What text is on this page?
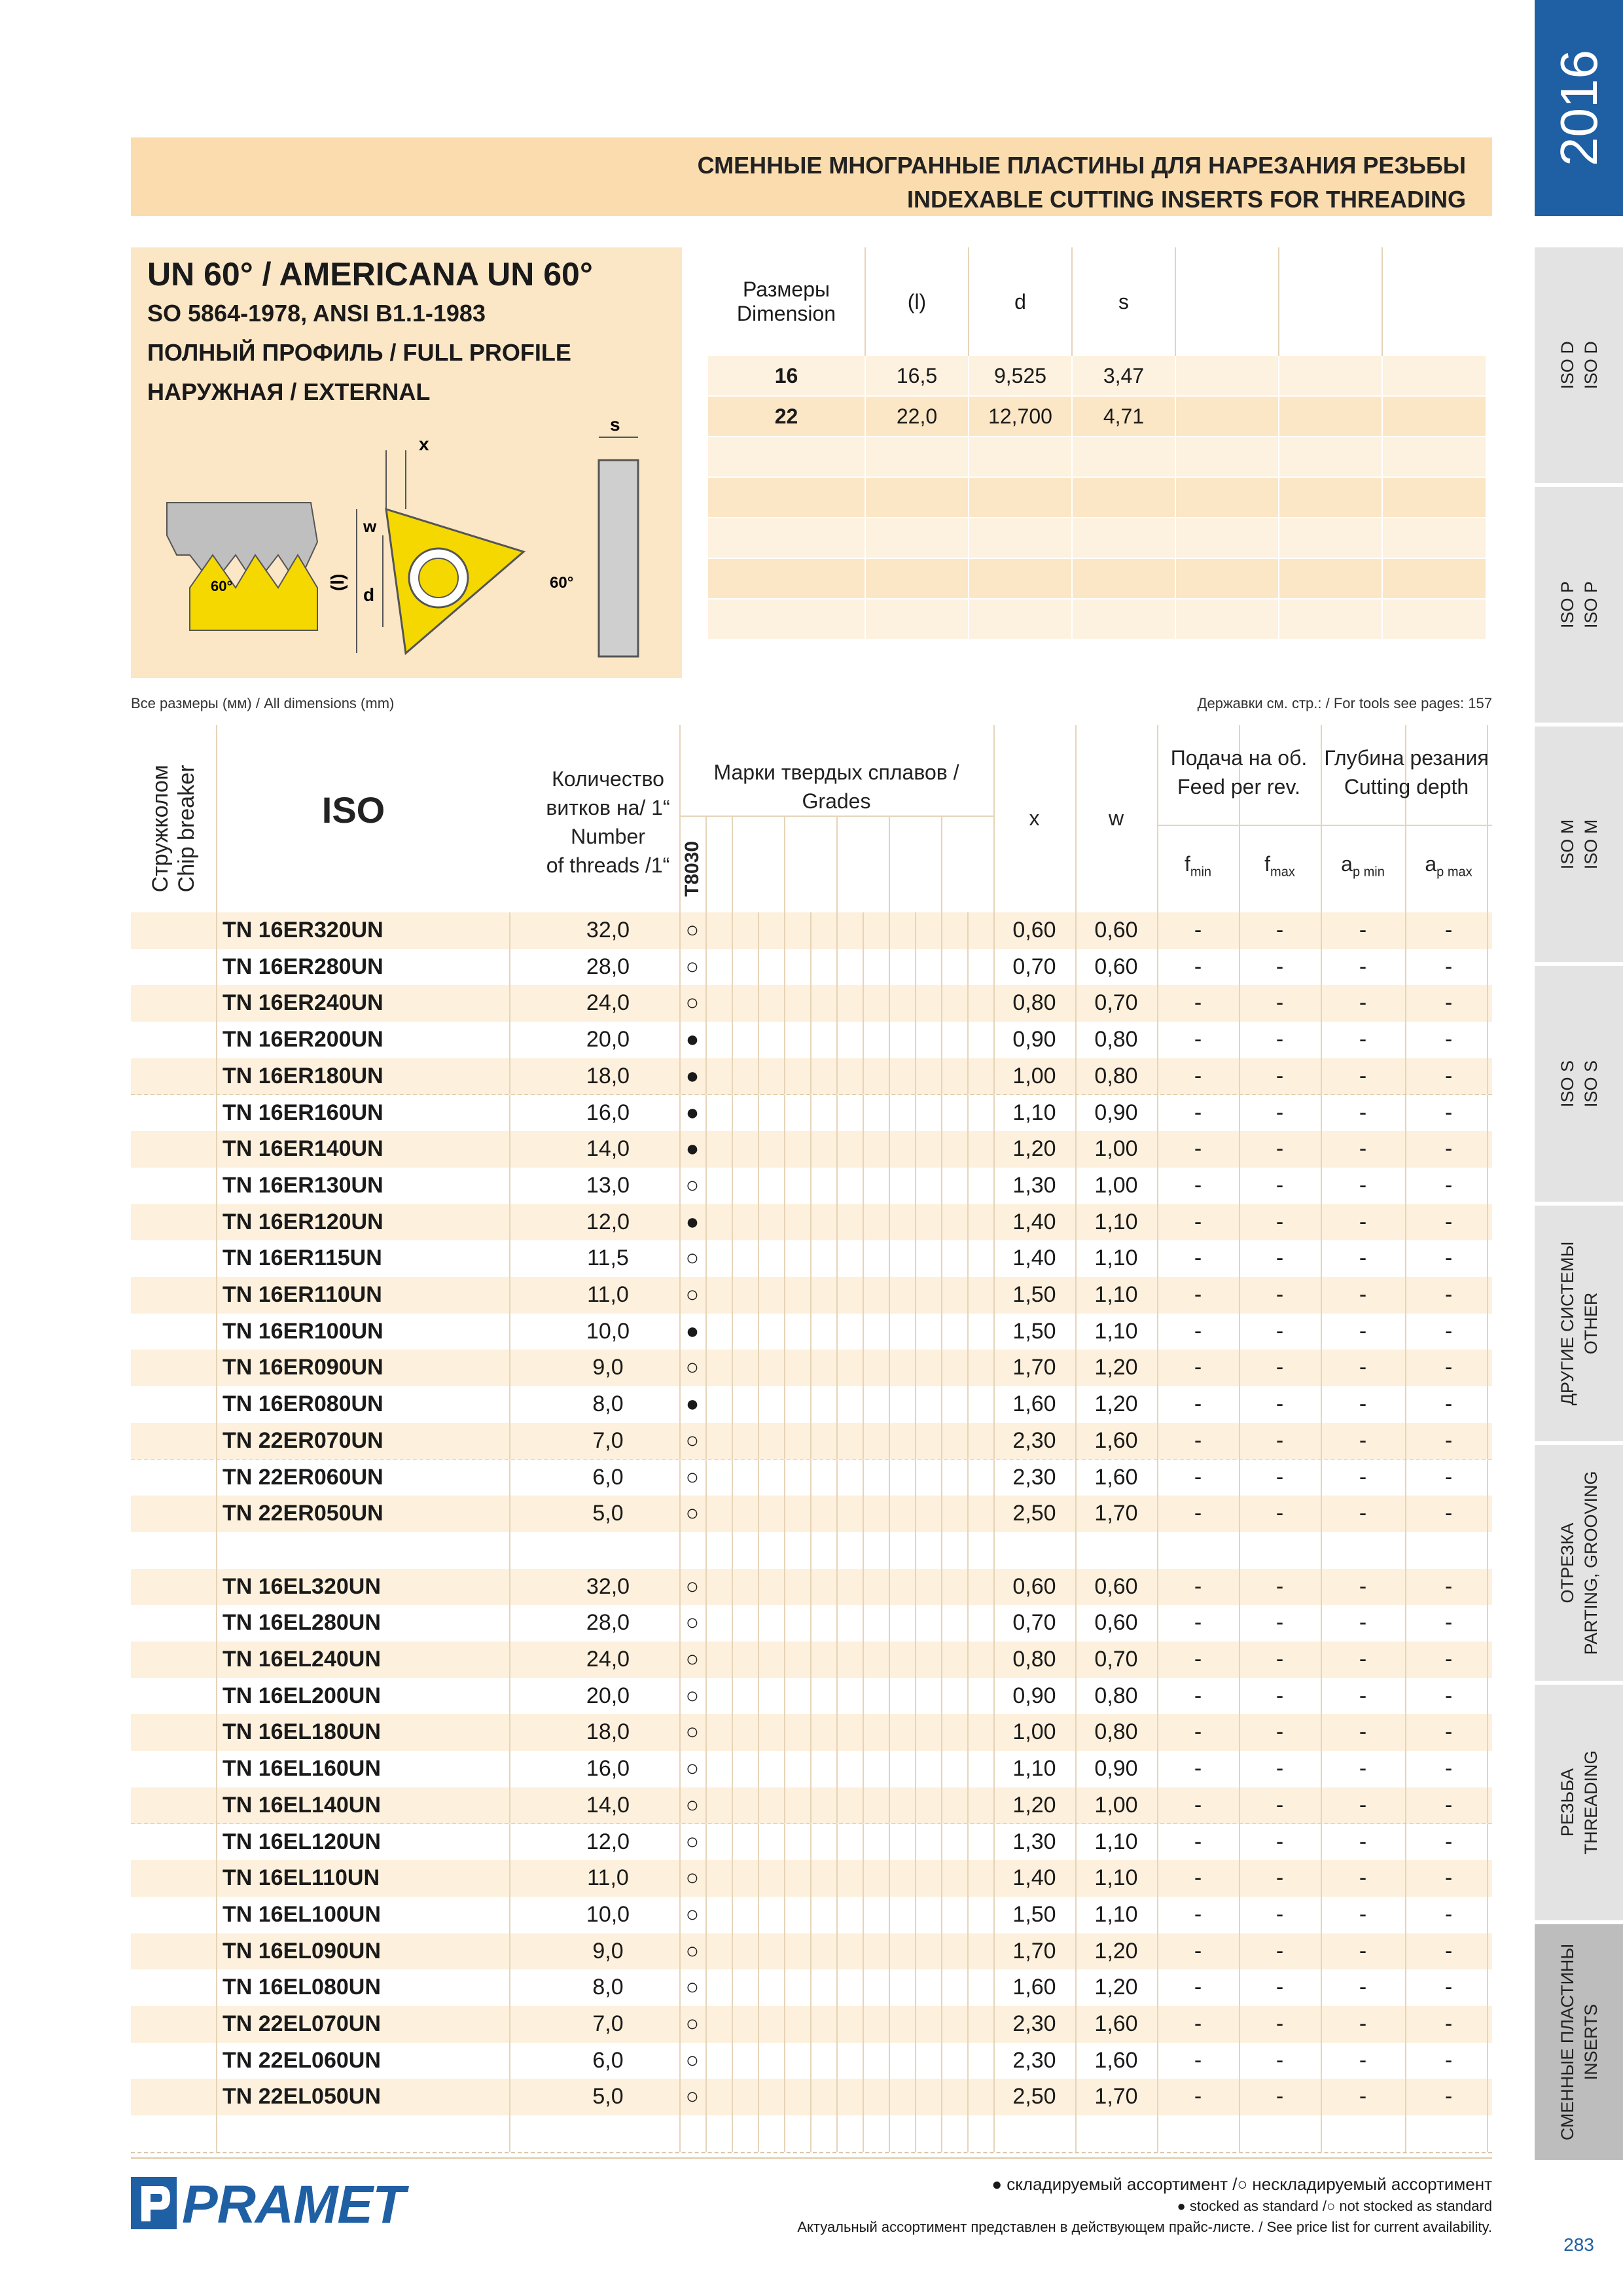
2016
ISO D ISO D
ISO P ISO P
ISO M ISO M
ISO S ISO S
ДРУГИЕ СИСТЕМЫ OTHER
ОТРЕЗКА PARTING, GROOVING
РЕЗЬБА THREADING
СМЕННЫЕ ПЛАСТИНЫ INSERTS
СМЕННЫЕ МНОГРАННЫЕ ПЛАСТИНЫ ДЛЯ НАРЕЗАНИЯ РЕЗЬБЫ
INDEXABLE CUTTING INSERTS FOR THREADING
UN 60° / AMERICANA UN 60°
SO 5864-1978, ANSI B1.1-1983
ПОЛНЫЙ ПРОФИЛЬ / FULL PROFILE
НАРУЖНАЯ / EXTERNAL
60°	(l)
d
w
x
60°
s
Размеры
Dimension	(l)	d	s			
16	16,5	9,525	3,47			
22	22,0	12,700	4,71			

Все размеры (мм) / All dimensions (mm)	Державки см. стр.: / For tools see pages: 157
Стружколом Chip breaker	ISO
Количество
витков на/ 1“
Number
of threads /1“
Марки твердых сплавов / Grades
T8030
x	w
Подача на об.
Feed per rev.
Глубина резания
Cutting depth
$f_{min}$	$f_{max}$	$a_{p min}$	$a_{p max}$
TN 16ER320UN	32,0	○	0,60	0,60	-	-	-	-
TN 16ER280UN	28,0	○	0,70	0,60	-	-	-	-
TN 16ER240UN	24,0	○	0,80	0,70	-	-	-	-
TN 16ER200UN	20,0	●	0,90	0,80	-	-	-	-
TN 16ER180UN	18,0	●	1,00	0,80	-	-	-	-
TN 16ER160UN	16,0	●	1,10	0,90	-	-	-	-
TN 16ER140UN	14,0	●	1,20	1,00	-	-	-	-
TN 16ER130UN	13,0	○	1,30	1,00	-	-	-	-
TN 16ER120UN	12,0	●	1,40	1,10	-	-	-	-
TN 16ER115UN	11,5	○	1,40	1,10	-	-	-	-
TN 16ER110UN	11,0	○	1,50	1,10	-	-	-	-
TN 16ER100UN	10,0	●	1,50	1,10	-	-	-	-
TN 16ER090UN	9,0	○	1,70	1,20	-	-	-	-
TN 16ER080UN	8,0	●	1,60	1,20	-	-	-	-
TN 22ER070UN	7,0	○	2,30	1,60	-	-	-	-
TN 22ER060UN	6,0	○	2,30	1,60	-	-	-	-
TN 22ER050UN	5,0	○	2,50	1,70	-	-	-	-
TN 16EL320UN	32,0	○	0,60	0,60	-	-	-	-
TN 16EL280UN	28,0	○	0,70	0,60	-	-	-	-
TN 16EL240UN	24,0	○	0,80	0,70	-	-	-	-
TN 16EL200UN	20,0	○	0,90	0,80	-	-	-	-
TN 16EL180UN	18,0	○	1,00	0,80	-	-	-	-
TN 16EL160UN	16,0	○	1,10	0,90	-	-	-	-
TN 16EL140UN	14,0	○	1,20	1,00	-	-	-	-
TN 16EL120UN	12,0	○	1,30	1,10	-	-	-	-
TN 16EL110UN	11,0	○	1,40	1,10	-	-	-	-
TN 16EL100UN	10,0	○	1,50	1,10	-	-	-	-
TN 16EL090UN	9,0	○	1,70	1,20	-	-	-	-
TN 16EL080UN	8,0	○	1,60	1,20	-	-	-	-
TN 22EL070UN	7,0	○	2,30	1,60	-	-	-	-
TN 22EL060UN	6,0	○	2,30	1,60	-	-	-	-
TN 22EL050UN	5,0	○	2,50	1,70	-	-	-	-
PRAMET	● складируемый ассортимент /○ нескладируемый ассортимент
● stocked as standard /○ not stocked as standard
Актуальный ассортимент представлен в действующем прайс-листе. / See price list for current availability.
283
